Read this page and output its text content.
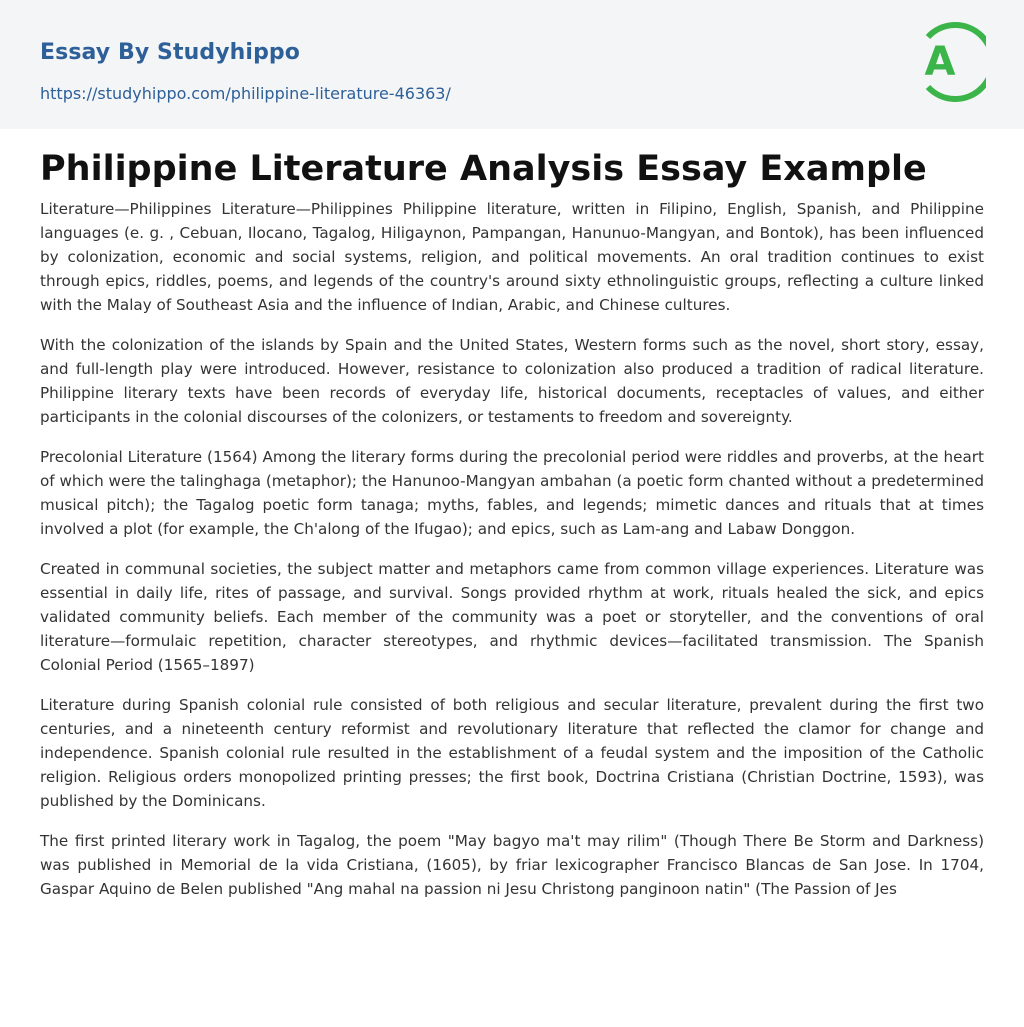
Essay By Studyhippo
https://studyhippo.com/philippine-literature-46363/
A
Philippine Literature Analysis Essay Example

Literature—Philippines Literature—Philippines Philippine literature, written in Filipino, English, Spanish, and Philippine languages (e. g. , Cebuan, Ilocano, Tagalog, Hiligaynon, Pampangan, Hanunuo-Mangyan, and Bontok), has been influenced by colonization, economic and social systems, religion, and political movements. An oral tradition continues to exist through epics, riddles, poems, and legends of the country's around sixty ethnolinguistic groups, reflecting a culture linked with the Malay of Southeast Asia and the influence of Indian, Arabic, and Chinese cultures.

With the colonization of the islands by Spain and the United States, Western forms such as the novel, short story, essay, and full-length play were introduced. However, resistance to colonization also produced a tradition of radical literature. Philippine literary texts have been records of everyday life, historical documents, receptacles of values, and either participants in the colonial discourses of the colonizers, or testaments to freedom and sovereignty.

Precolonial Literature (1564) Among the literary forms during the precolonial period were riddles and proverbs, at the heart of which were the talinghaga (metaphor); the Hanunoo-Mangyan ambahan (a poetic form chanted without a predetermined musical pitch); the Tagalog poetic form tanaga; myths, fables, and legends; mimetic dances and rituals that at times involved a plot (for example, the Ch'along of the Ifugao); and epics, such as Lam-ang and Labaw Donggon.

Created in communal societies, the subject matter and metaphors came from common village experiences. Literature was essential in daily life, rites of passage, and survival. Songs provided rhythm at work, rituals healed the sick, and epics validated community beliefs. Each member of the community was a poet or storyteller, and the conventions of oral literature—formulaic repetition, character stereotypes, and rhythmic devices—facilitated transmission. The Spanish Colonial Period (1565–1897)

Literature during Spanish colonial rule consisted of both religious and secular literature, prevalent during the first two centuries, and a nineteenth century reformist and revolutionary literature that reflected the clamor for change and independence. Spanish colonial rule resulted in the establishment of a feudal system and the imposition of the Catholic religion. Religious orders monopolized printing presses; the first book, Doctrina Cristiana (Christian Doctrine, 1593), was published by the Dominicans.

The first printed literary work in Tagalog, the poem "May bagyo ma't may rilim" (Though There Be Storm and Darkness) was published in Memorial de la vida Cristiana, (1605), by friar lexicographer Francisco Blancas de San Jose. In 1704, Gaspar Aquino de Belen published "Ang mahal na passion ni Jesu Christong panginoon natin" (The Passion of Jes
